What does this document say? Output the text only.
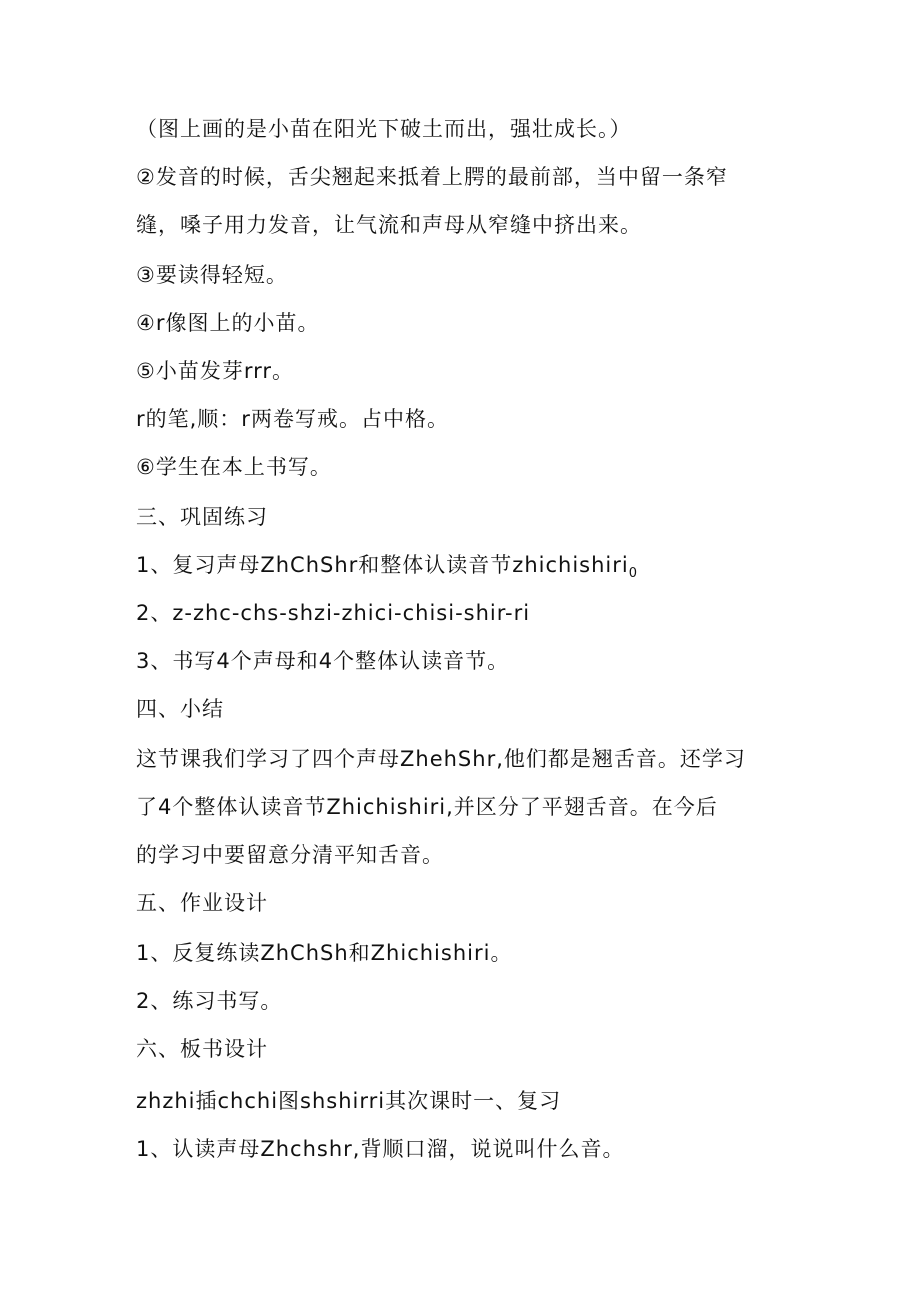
（图上画的是小苗在阳光下破土而出，强壮成长。）
②发音的时候，舌尖翘起来抵着上腭的最前部，当中留一条窄
缝，嗓子用力发音，让气流和声母从窄缝中挤出来。
③要读得轻短。
④r像图上的小苗。
⑤小苗发芽rrr。
r的笔,顺：r两卷写戒。占中格。
⑥学生在本上书写。
三、巩固练习
1、复习声母ZhChShr和整体认读音节zhichishiri$_0$
2、z-zhc-chs-shzi-zhici-chisi-shir-ri
3、书写4个声母和4个整体认读音节。
四、小结
这节课我们学习了四个声母ZhehShr,他们都是翘舌音。还学习
了4个整体认读音节Zhichishiri,并区分了平翅舌音。在今后
的学习中要留意分清平知舌音。
五、作业设计
1、反复练读ZhChSh和Zhichishiri。
2、练习书写。
六、板书设计
zhzhi插chchi图shshirri其次课时一、复习
1、认读声母Zhchshr,背顺口溜，说说叫什么音。
